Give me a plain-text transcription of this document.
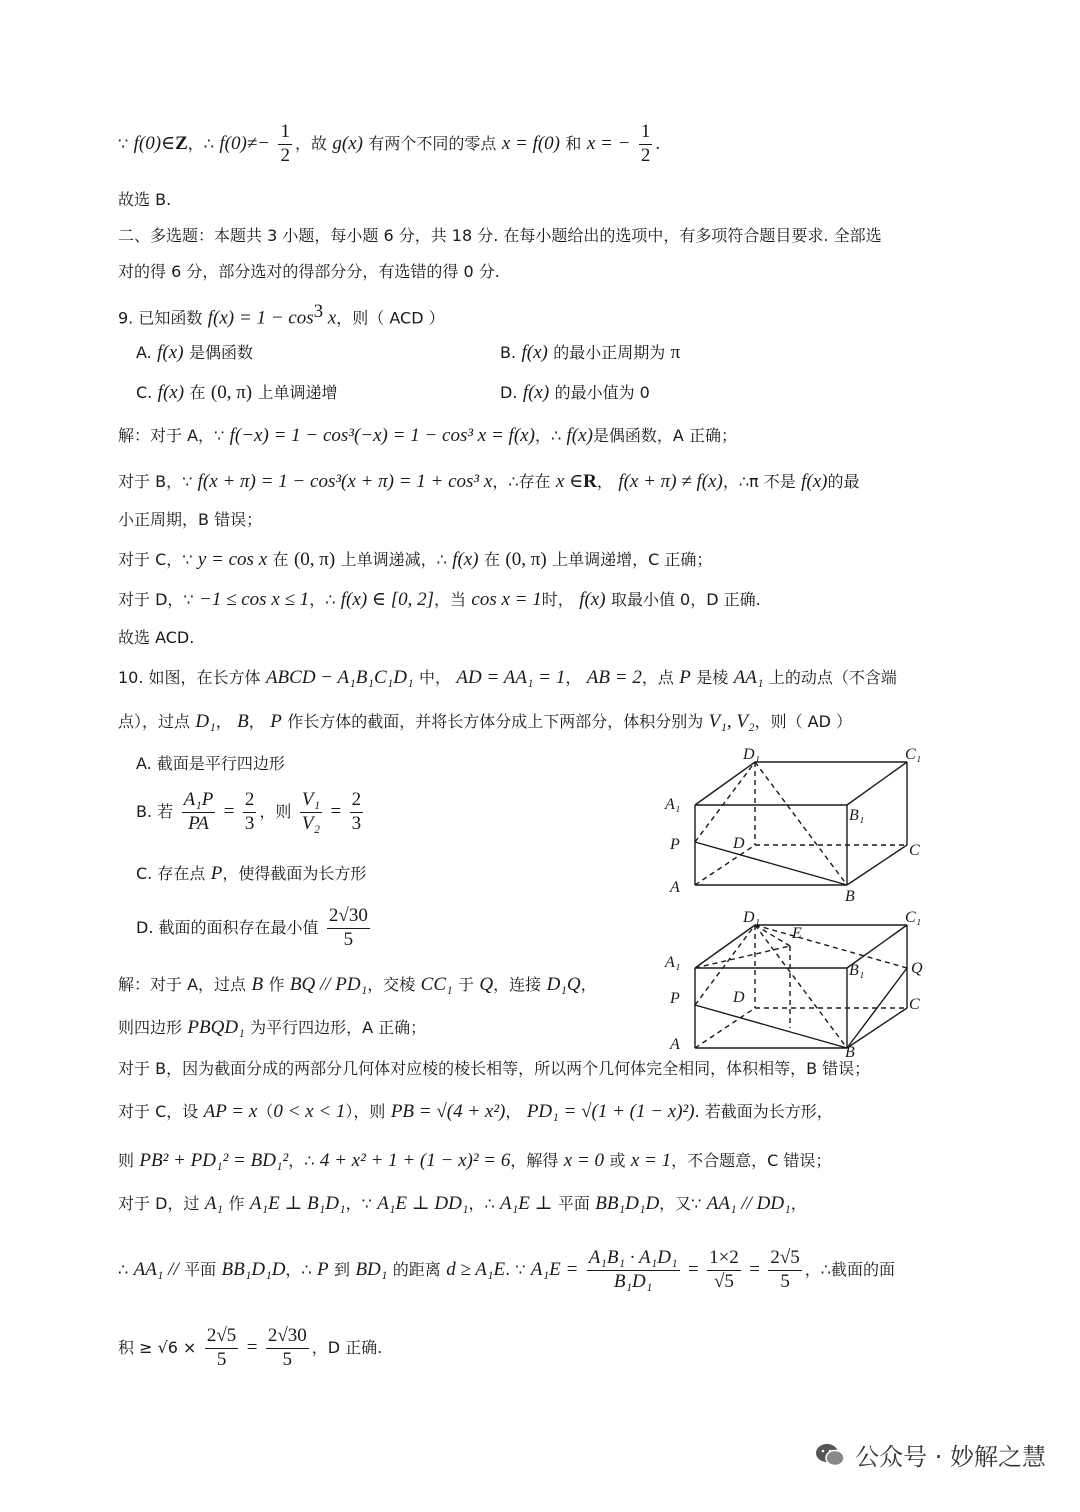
∵ f(0)∈Z，∴ $f(0)\ne- \frac{1}{2}$ ，故 g(x) 有两个不同的零点 x = f(0) 和 x = − $\frac{1}{2}$ .
故选 B.
二、多选题：本题共 3 小题，每小题 6 分，共 18 分. 在每小题给出的选项中，有多项符合题目要求. 全部选
对的得 6 分，部分选对的得部分分，有选错的得 0 分.
9. 已知函数 $f(x) = 1 - \cos^3 x$，则（ ACD ）
A. f(x) 是偶函数	B. f(x) 的最小正周期为 π
C. f(x) 在 (0, π) 上单调递增	D. f(x) 的最小值为 0
解：对于 A，∵ f(−x) = 1 − cos³(−x) = 1 − cos³ x = f(x)，∴ f(x)是偶函数，A 正确；
对于 B，∵ f(x + π) = 1 − cos³(x + π) = 1 + cos³ x，∴存在 x ∈R， f(x + π) ≠ f(x)，∴π 不是 f(x)的最
小正周期，B 错误；
对于 C，∵ y = cos x 在 (0, π) 上单调递减，∴ f(x) 在 (0, π) 上单调递增，C 正确；
对于 D，∵ −1 ≤ cos x ≤ 1，∴ f(x) ∈ [0, 2]，当 cos x = 1时， f(x) 取最小值 0，D 正确.
故选 ACD.
10. 如图，在长方体 ABCD − A₁B₁C₁D₁ 中， AD = AA₁ = 1， AB = 2，点 P 是棱 AA₁ 上的动点（不含端
点），过点 D₁， B， P 作长方体的截面，并将长方体分成上下两部分，体积分别为 V₁, V₂，则（ AD ）
A. 截面是平行四边形
B. 若 $\frac{\text{A₁P}}{PA} = \frac{2}{3}$ ，则 $\frac{\text{V₁}}{\text{V₂}} = \frac{2}{3}$
C. 存在点 P，使得截面为长方形
D. 截面的面积存在最小值 $\frac{2√30}{5}$
解：对于 A，过点 B 作 BQ // PD₁，交棱 CC₁ 于 Q，连接 D₁Q，
则四边形 PBQD₁ 为平行四边形，A 正确；
对于 B，因为截面分成的两部分几何体对应棱的棱长相等，所以两个几何体完全相同，体积相等，B 错误；
对于 C，设 AP = x（0 < x < 1），则 PB = √(4 + x²)， PD₁ = √(1 + (1 − x)²). 若截面为长方形，
则 PB² + PD₁² = BD₁²，∴ 4 + x² + 1 + (1 − x)² = 6，解得 x = 0 或 x = 1，不合题意，C 错误；
对于 D，过 A₁ 作 A₁E ⊥ B₁D₁，∵ A₁E ⊥ DD₁，∴ A₁E ⊥ 平面 BB₁D₁D，又∵ AA₁ // DD₁，
∴ AA₁ // 平面 BB₁D₁D，∴ P 到 BD₁ 的距离 d ≥ A₁E. ∵ $A_1E = \frac{\text{A₁B₁ · A₁D₁}}{\text{B₁D₁}} = \frac{1\times 2}{√5} = \frac{2√5}{5}$ ，∴截面的面
积 ≥ $√6 \times \frac{2√5}{5} = \frac{2√30}{5}$ ，D 正确.
D₁	C₁
A₁
B₁
P	D	C
A
B
D₁	C₁
E
A₁	B₁	Q
P	D	C
A	B
公众号 · 妙解之慧
